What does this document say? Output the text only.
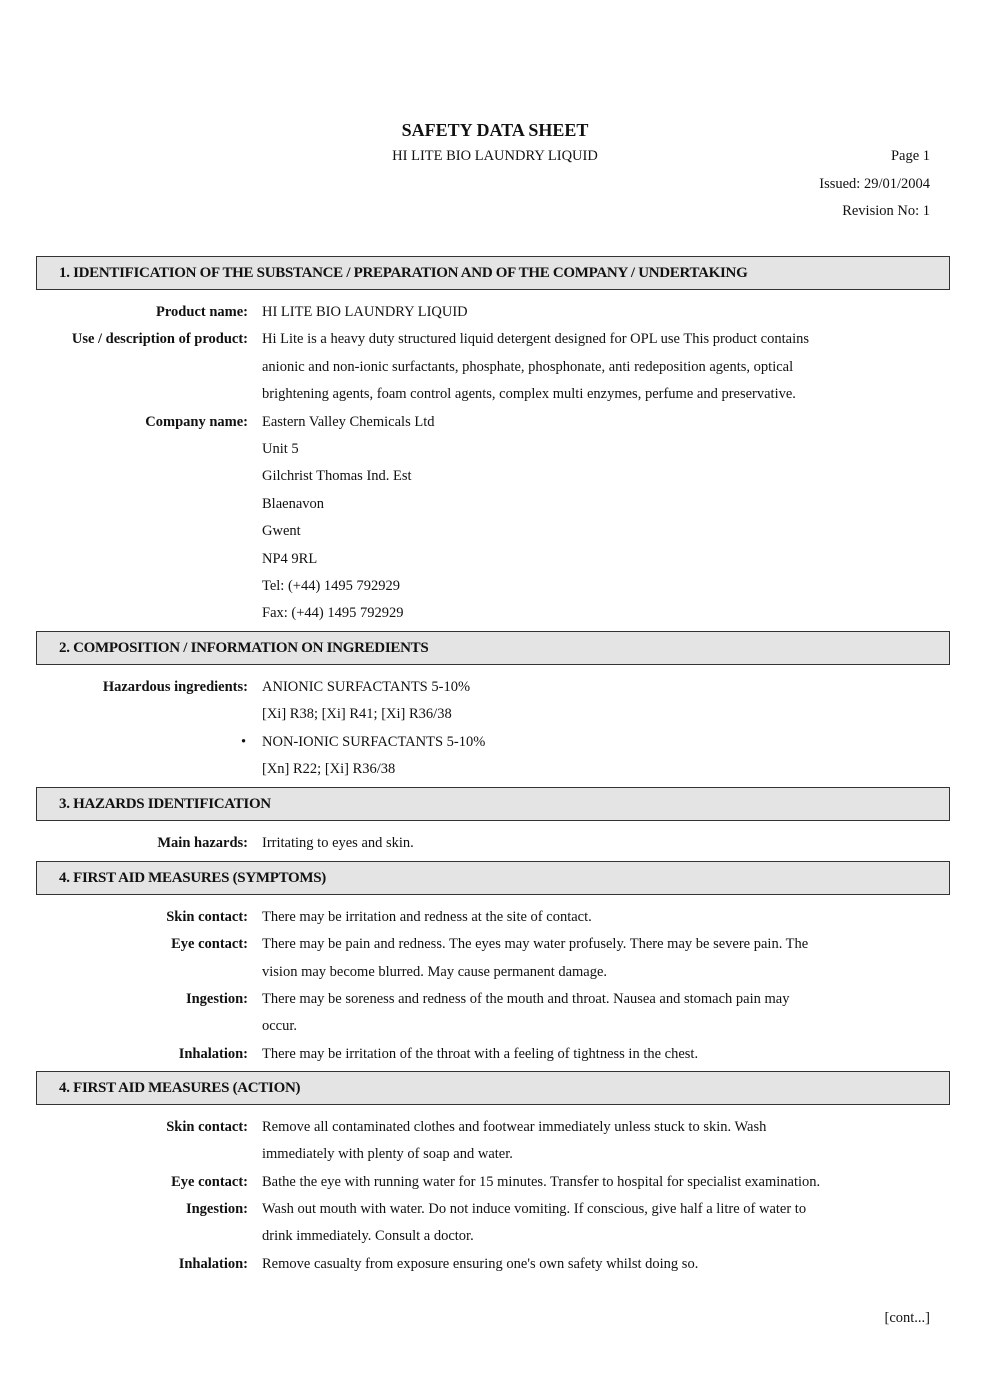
SAFETY DATA SHEET
HI LITE BIO LAUNDRY LIQUID	Page 1
Issued: 29/01/2004
Revision No: 1
1. IDENTIFICATION OF THE SUBSTANCE / PREPARATION AND OF THE COMPANY / UNDERTAKING
Product name: HI LITE BIO LAUNDRY LIQUID
Use / description of product: Hi Lite is a heavy duty structured liquid detergent designed for OPL use This product contains
anionic and non-ionic surfactants, phosphate, phosphonate, anti redeposition agents, optical
brightening agents, foam control agents, complex multi enzymes, perfume and preservative.
Company name: Eastern Valley Chemicals Ltd
Unit 5
Gilchrist Thomas Ind. Est
Blaenavon
Gwent
NP4 9RL
Tel: (+44) 1495 792929
Fax: (+44) 1495 792929
2. COMPOSITION / INFORMATION ON INGREDIENTS
Hazardous ingredients: ANIONIC SURFACTANTS 5-10%
[Xi] R38; [Xi] R41; [Xi] R36/38
• NON-IONIC SURFACTANTS 5-10%
[Xn] R22; [Xi] R36/38
3. HAZARDS IDENTIFICATION
Main hazards: Irritating to eyes and skin.
4. FIRST AID MEASURES (SYMPTOMS)
Skin contact: There may be irritation and redness at the site of contact.
Eye contact: There may be pain and redness. The eyes may water profusely. There may be severe pain. The
vision may become blurred. May cause permanent damage.
Ingestion: There may be soreness and redness of the mouth and throat. Nausea and stomach pain may
occur.
Inhalation: There may be irritation of the throat with a feeling of tightness in the chest.
4. FIRST AID MEASURES (ACTION)
Skin contact: Remove all contaminated clothes and footwear immediately unless stuck to skin. Wash
immediately with plenty of soap and water.
Eye contact: Bathe the eye with running water for 15 minutes. Transfer to hospital for specialist examination.
Ingestion: Wash out mouth with water. Do not induce vomiting. If conscious, give half a litre of water to
drink immediately. Consult a doctor.
Inhalation: Remove casualty from exposure ensuring one's own safety whilst doing so.
[cont...]
